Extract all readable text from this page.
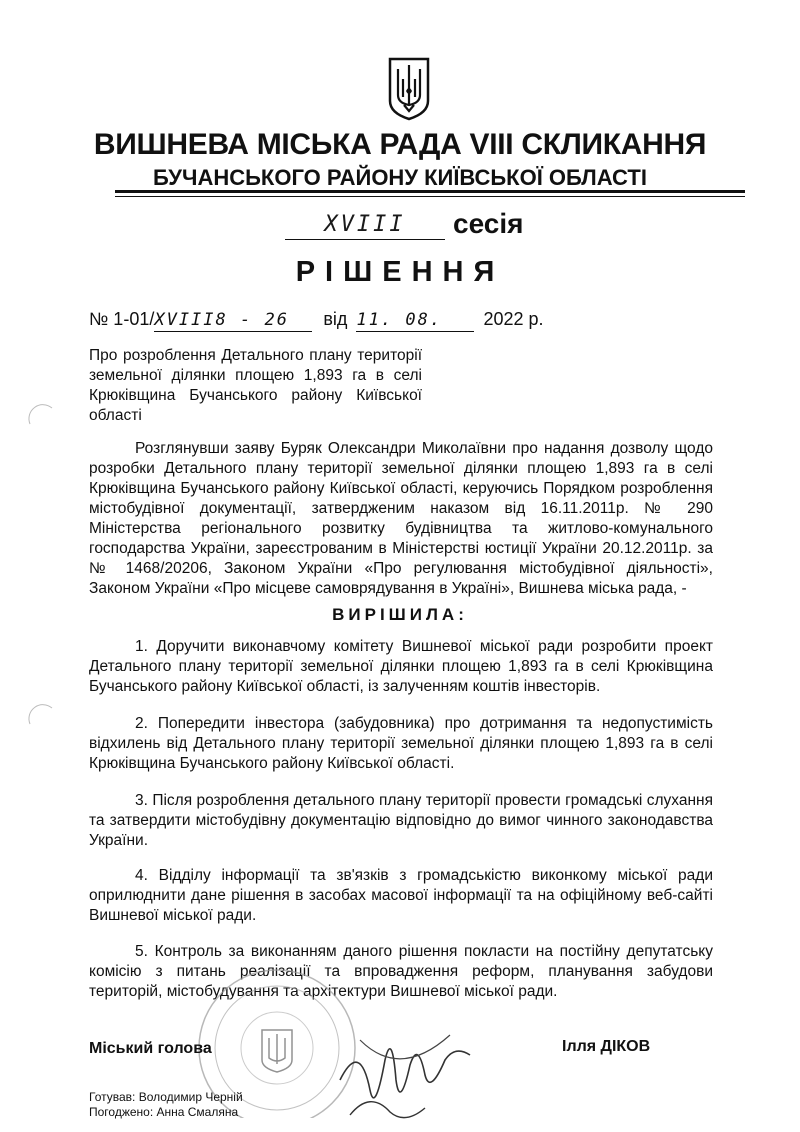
ВИШНЕВА МІСЬКА РАДА VIII СКЛИКАННЯ
БУЧАНСЬКОГО РАЙОНУ КИЇВСЬКОЇ ОБЛАСТІ
XVIII сесія
РІШЕННЯ
№ 1-01/XVIII8 - 26 від 11. 08. 2022 р.
Про розроблення Детального плану території земельної ділянки площею 1,893 га в селі Крюківщина Бучанського району Київської області
Розглянувши заяву Буряк Олександри Миколаївни про надання дозволу щодо розробки Детального плану території земельної ділянки площею 1,893 га в селі Крюківщина Бучанського району Київської області, керуючись Порядком розроблення містобудівної документації, затвердженим наказом від 16.11.2011р. № 290 Міністерства регіонального розвитку будівництва та житлово-комунального господарства України, зареєстрованим в Міністерстві юстиції України 20.12.2011р. за № 1468/20206, Законом України «Про регулювання містобудівної діяльності», Законом України «Про місцеве самоврядування в Україні», Вишнева міська рада, -
ВИРІШИЛА:
1. Доручити виконавчому комітету Вишневої міської ради розробити проект Детального плану території земельної ділянки площею 1,893 га в селі Крюківщина Бучанського району Київської області, із залученням коштів інвесторів.
2. Попередити інвестора (забудовника) про дотримання та недопустимість відхилень від Детального плану території земельної ділянки площею 1,893 га в селі Крюківщина Бучанського району Київської області.
3. Після розроблення детального плану території провести громадські слухання та затвердити містобудівну документацію відповідно до вимог чинного законодавства України.
4. Відділу інформації та зв'язків з громадськістю виконкому міської ради оприлюднити дане рішення в засобах масової інформації та на офіційному веб-сайті Вишневої міської ради.
5. Контроль за виконанням даного рішення покласти на постійну депутатську комісію з питань реалізації та впровадження реформ, планування забудови територій, містобудування та архітектури Вишневої міської ради.
Міський голова	Ілля ДІКОВ
Готував: Володимир Черній
Погоджено: Анна Смаляна
